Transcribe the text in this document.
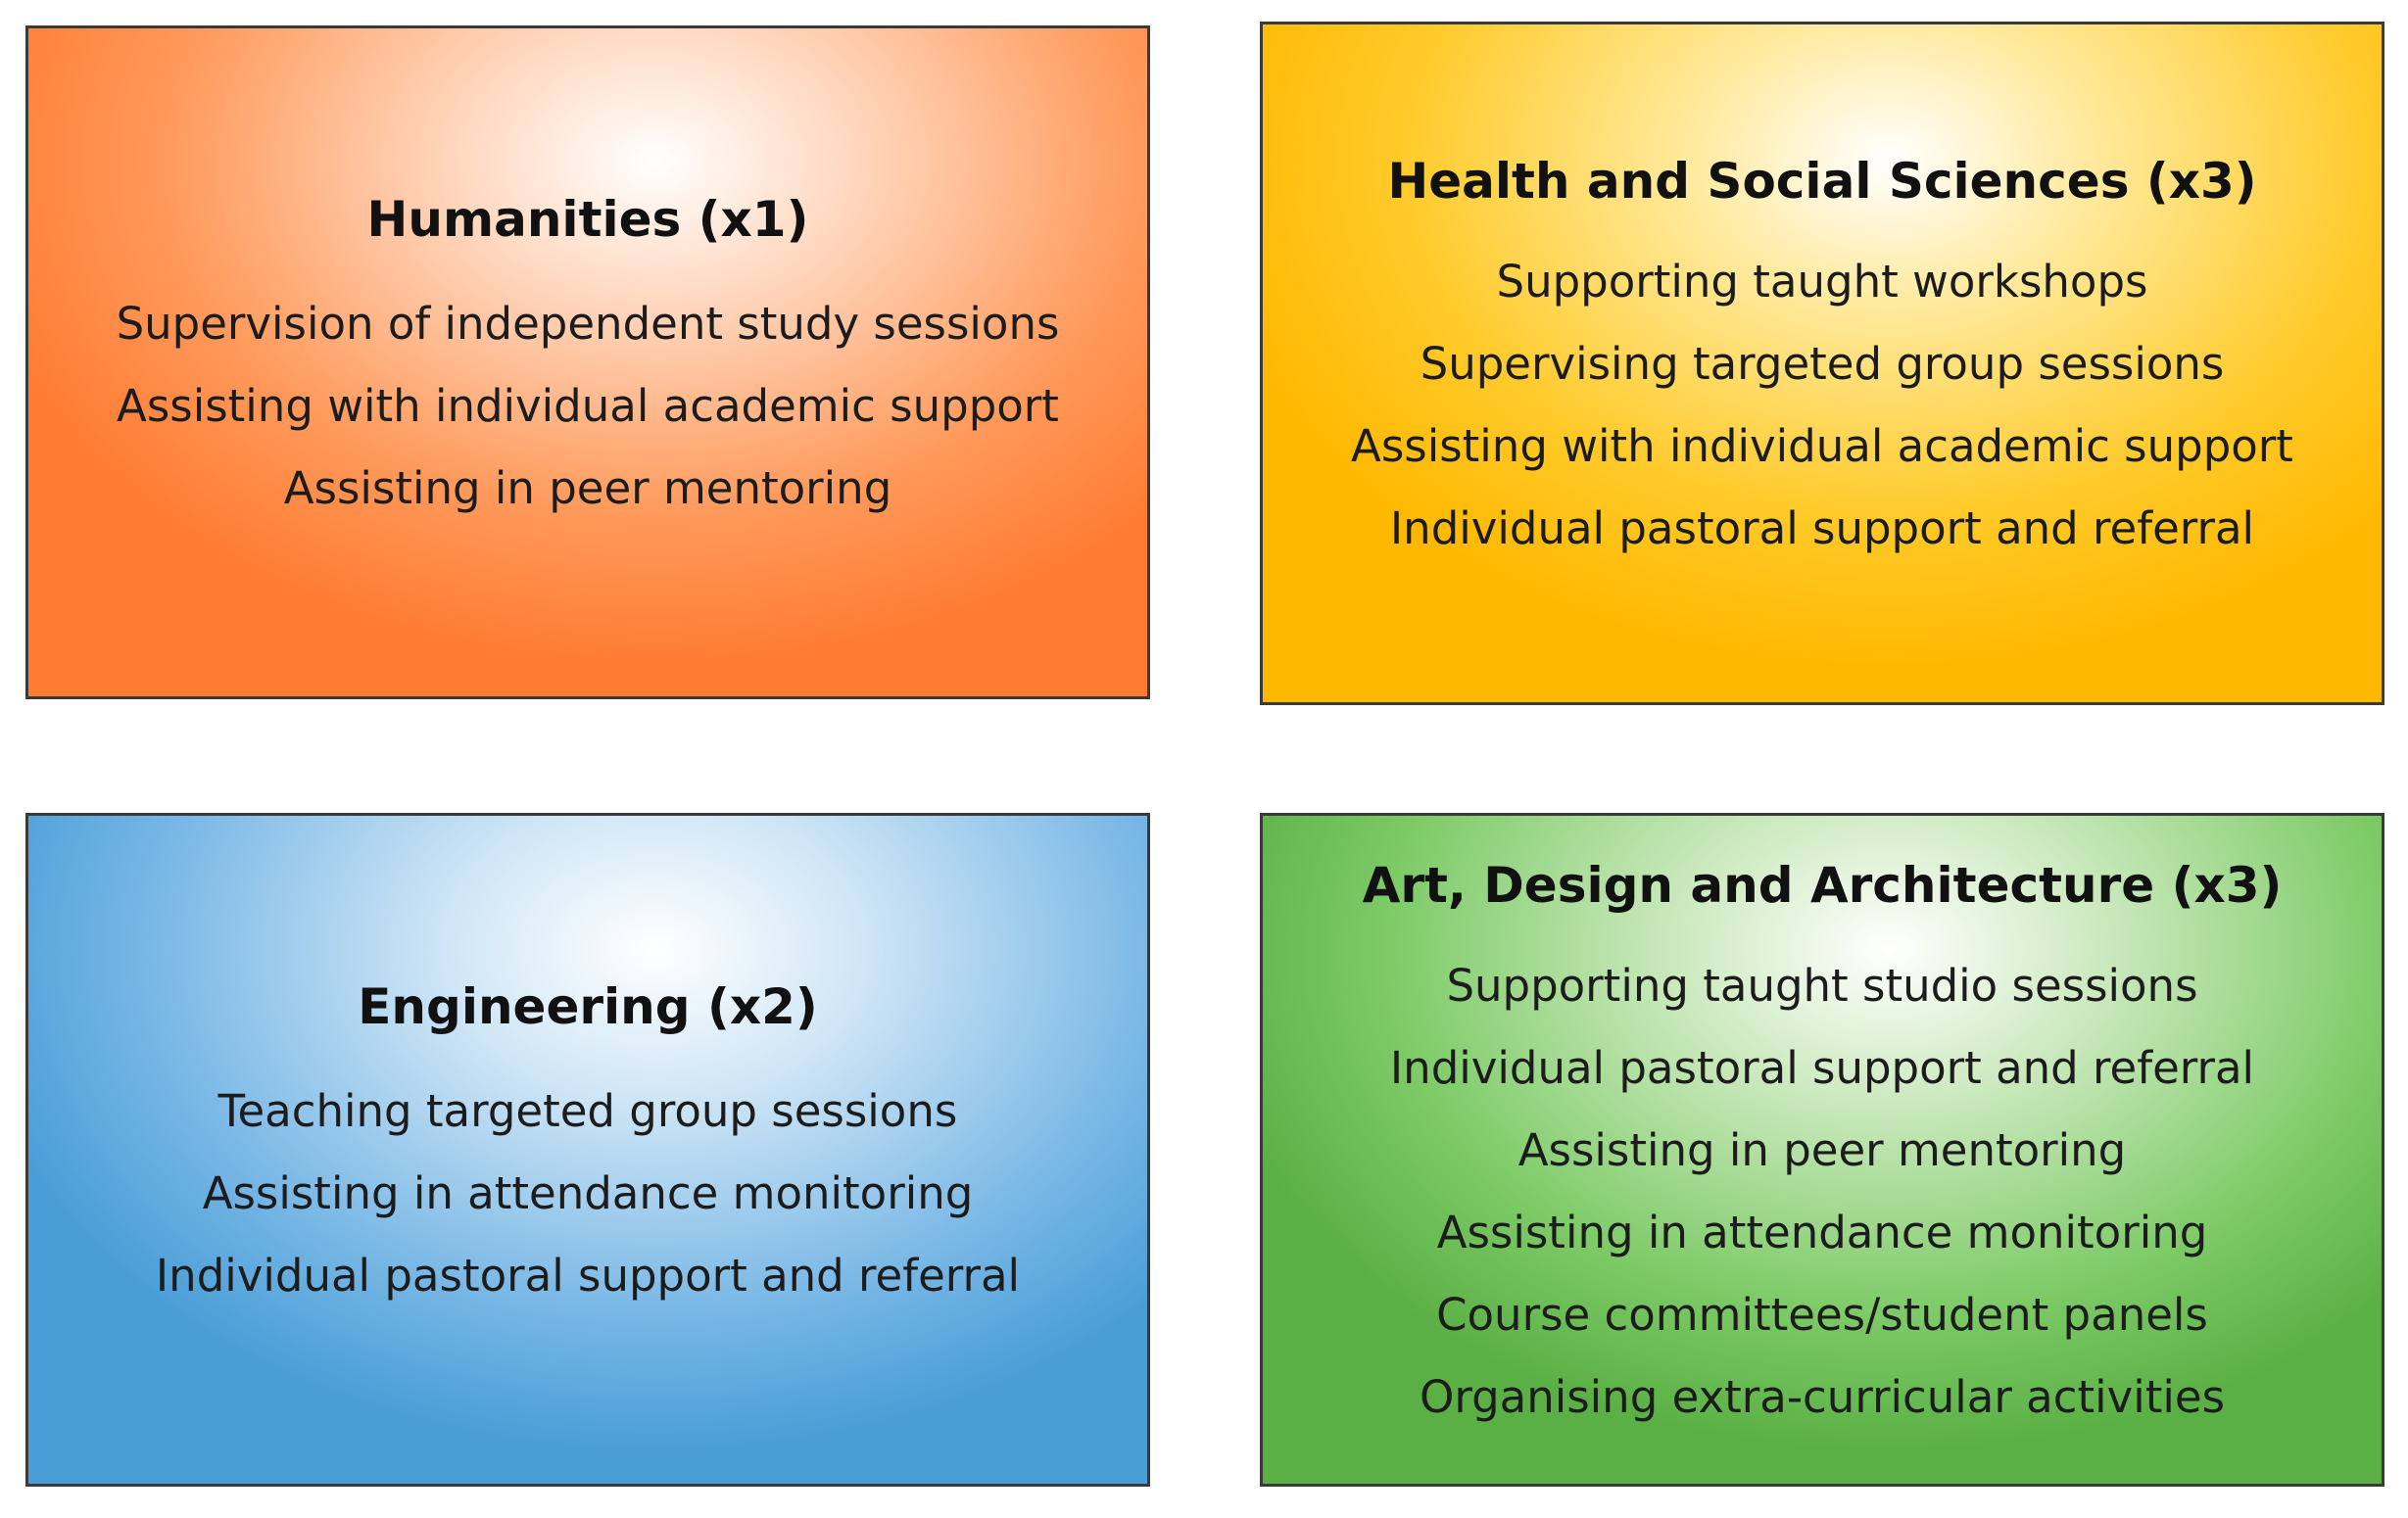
Humanities (x1)
Supervision of independent study sessions
Assisting with individual academic support
Assisting in peer mentoring
Health and Social Sciences (x3)
Supporting taught workshops
Supervising targeted group sessions
Assisting with individual academic support
Individual pastoral support and referral
Engineering (x2)
Teaching targeted group sessions
Assisting in attendance monitoring
Individual pastoral support and referral
Art, Design and Architecture (x3)
Supporting taught studio sessions
Individual pastoral support and referral
Assisting in peer mentoring
Assisting in attendance monitoring
Course committees/student panels
Organising extra-curricular activities
